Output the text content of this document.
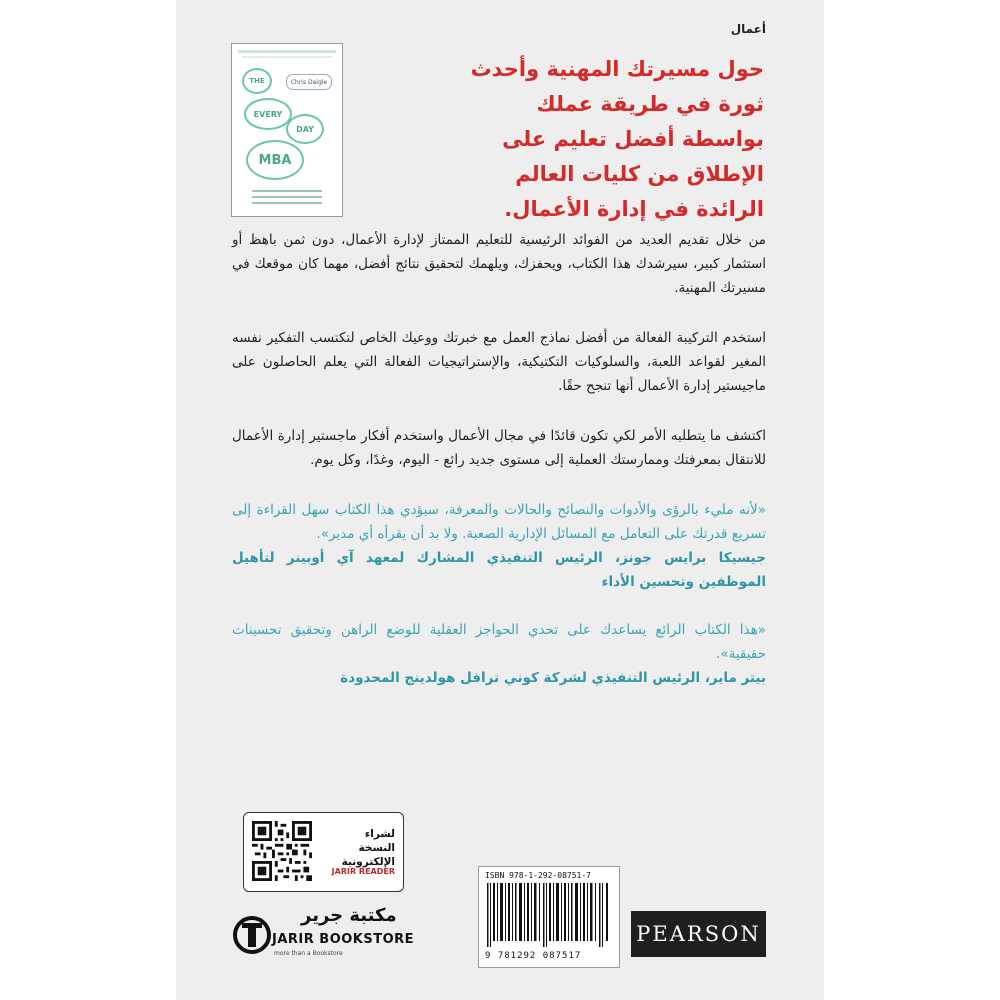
أعمال
THE	Chris Daigle
EVERY
DAY
MBA
حول مسيرتك المهنية وأحدث ثورة في طريقة عملك بواسطة أفضل تعليم على الإطلاق من كليات العالم الرائدة في إدارة الأعمال.

من خلال تقديم العديد من الفوائد الرئيسية للتعليم الممتاز لإدارة الأعمال، دون ثمن باهظ أو استثمار كبير، سيرشدك هذا الكتاب، ويحفزك، ويلهمك لتحقيق نتائج أفضل، مهما كان موقعك في مسيرتك المهنية.

استخدم التركيبة الفعالة من أفضل نماذج العمل مع خبرتك ووعيك الخاص لتكتسب التفكير نفسه المغير لقواعد اللعبة، والسلوكيات التكتيكية، والإستراتيجيات الفعالة التي يعلم الحاصلون على ماجيستير إدارة الأعمال أنها تنجح حقًا.

اكتشف ما يتطلبه الأمر لكي تكون قائدًا في مجال الأعمال واستخدم أفكار ماجستير إدارة الأعمال للانتقال بمعرفتك وممارستك العملية إلى مستوى جديد رائع - اليوم، وغدًا، وكل يوم.

«لأنه مليء بالرؤى والأدوات والنصائح والحالات والمعرفة، سيؤدي هذا الكتاب سهل القراءة إلى تسريع قدرتك على التعامل مع المسائل الإدارية الصعبة. ولا بد أن يقرأه أي مدير».

جيسيكا برايس جونز، الرئيس التنفيذي المشارك لمعهد آي أوبينر لتأهيل الموظفين وتحسين الأداء

«هذا الكتاب الرائع يساعدك على تحدي الحواجز العقلية للوضع الراهن وتحقيق تحسينات حقيقية».

بيتر ماير، الرئيس التنفيذي لشركة كوني ترافل هولدينج المحدودة

لشراء النسخة الإلكترونية
JARIR READER
مكتبة جرير
JARIR BOOKSTORE
more than a Bookstore
ISBN 978-1-292-08751-7
9 781292 087517
PEARSON
